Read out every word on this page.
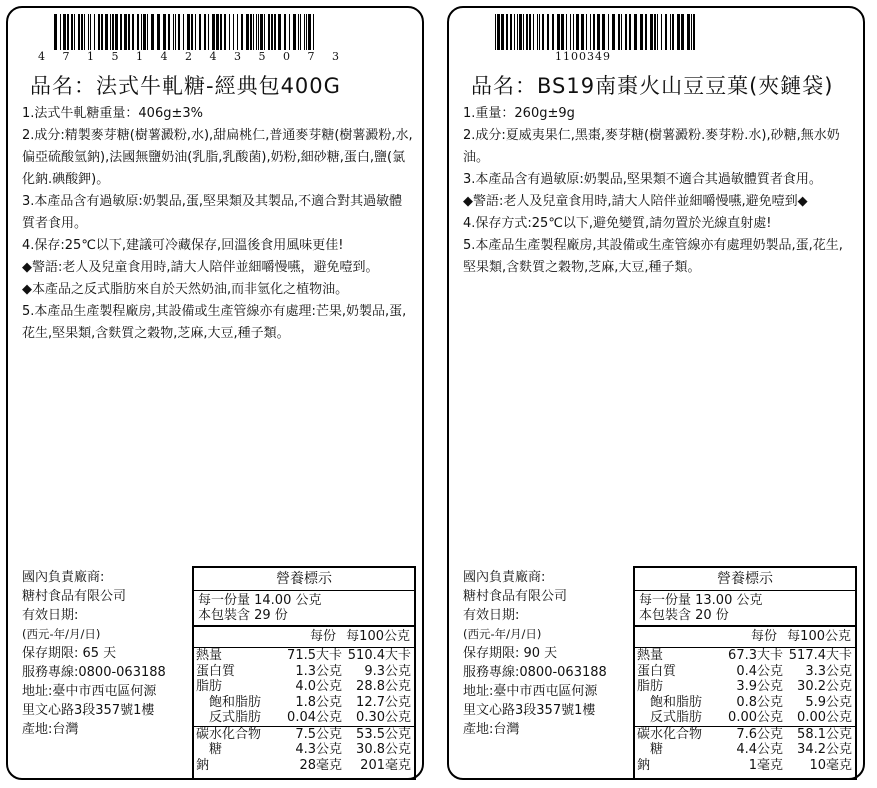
4 7 1 5 1 4 2 4 3 5 0 7 3
品名：法式牛軋糖-經典包400G

1.法式牛軋糖重量：406g±3%

2.成分:精製麥芽糖(樹薯澱粉,水),甜扁桃仁,普通麥芽糖(樹薯澱粉,水,偏亞硫酸氫鈉),法國無鹽奶油(乳脂,乳酸菌),奶粉,細砂糖,蛋白,鹽(氯化鈉.碘酸鉀)。

3.本產品含有過敏原:奶製品,蛋,堅果類及其製品,不適合對其過敏體質者食用。

4.保存:25℃以下,建議可冷藏保存,回溫後食用風味更佳!

◆警語:老人及兒童食用時,請大人陪伴並細嚼慢嚥，避免噎到。

◆本產品之反式脂肪來自於天然奶油,而非氫化之植物油。

5.本產品生產製程廠房,其設備或生產管線亦有處理:芒果,奶製品,蛋,花生,堅果類,含麩質之穀物,芝麻,大豆,種子類。

國內負責廠商:
糖村食品有限公司
有效日期:
(西元-年/月/日)
保存期限: 65 天
服務專線:0800-063188
地址:臺中市西屯區何源
里文心路3段357號1樓
產地:台灣
營養標示
每一份量 14.00 公克
本包裝含 29 份
每份 每100公克
熱量	71.5大卡	510.4大卡
蛋白質	1.3公克	9.3公克
脂肪	4.0公克	28.8公克
　飽和脂肪	1.8公克	12.7公克
　反式脂肪	0.04公克	0.30公克
碳水化合物	7.5公克	53.5公克
　糖	4.3公克	30.8公克
鈉	28毫克	201毫克
1100349
品名：BS19南棗火山豆豆菓(夾鏈袋)

1.重量：260g±9g

2.成分:夏威夷果仁,黑棗,麥芽糖(樹薯澱粉.麥芽粉.水),砂糖,無水奶油。

3.本產品含有過敏原:奶製品,堅果類不適合其過敏體質者食用。

◆警語:老人及兒童食用時,請大人陪伴並細嚼慢嚥,避免噎到◆

4.保存方式:25℃以下,避免變質,請勿置於光線直射處!

5.本產品生產製程廠房,其設備或生產管線亦有處理奶製品,蛋,花生,堅果類,含麩質之穀物,芝麻,大豆,種子類。

國內負責廠商:
糖村食品有限公司
有效日期:
(西元-年/月/日)
保存期限: 90 天
服務專線:0800-063188
地址:臺中市西屯區何源
里文心路3段357號1樓
產地:台灣
營養標示
每一份量 13.00 公克
本包裝含 20 份
每份 每100公克
熱量	67.3大卡	517.4大卡
蛋白質	0.4公克	3.3公克
脂肪	3.9公克	30.2公克
　飽和脂肪	0.8公克	5.9公克
　反式脂肪	0.00公克	0.00公克
碳水化合物	7.6公克	58.1公克
　糖	4.4公克	34.2公克
鈉	1毫克	10毫克
